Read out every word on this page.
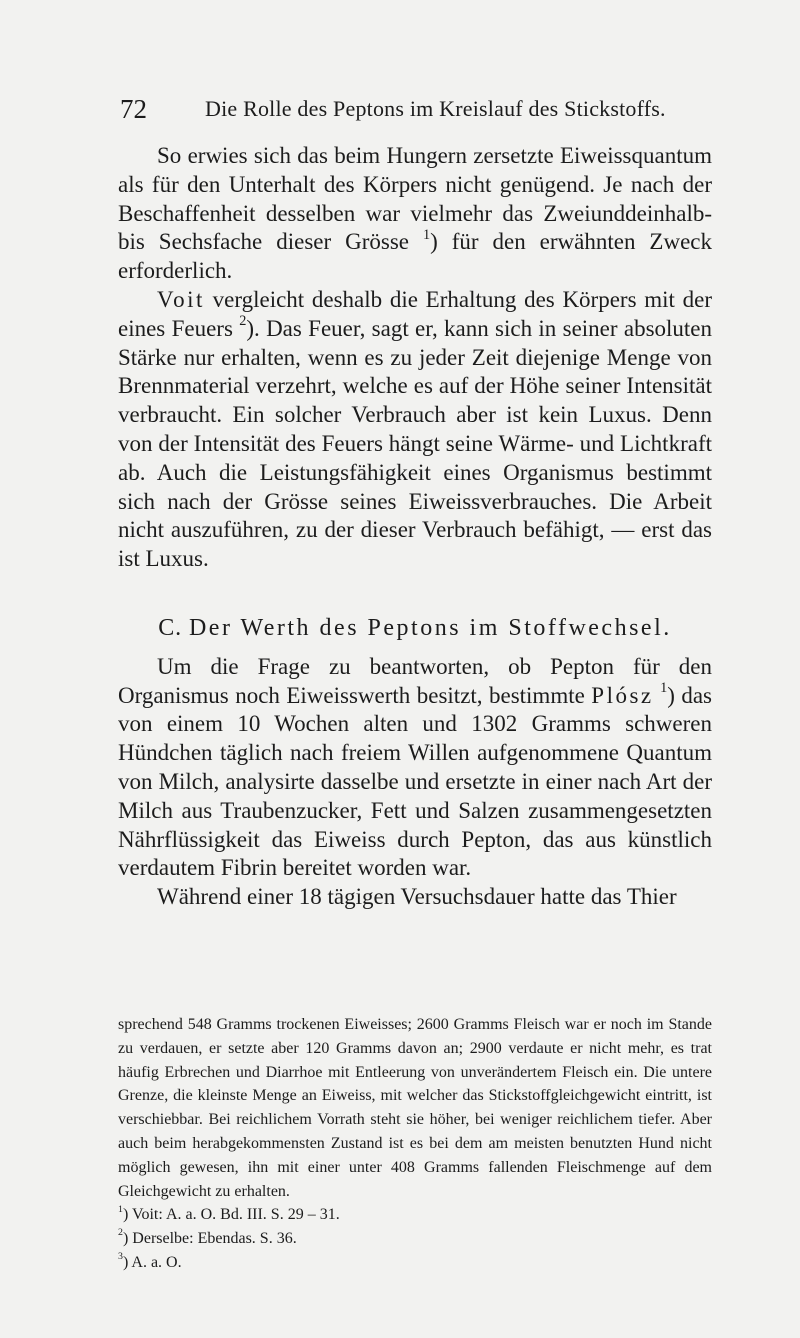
72	Die Rolle des Peptons im Kreislauf des Stickstoffs.

So erwies sich das beim Hungern zersetzte Eiweissquantum als für den Unterhalt des Körpers nicht genügend. Je nach der Beschaffenheit desselben war vielmehr das Zweiunddeinhalb- bis Sechsfache dieser Grösse $^1$) für den erwähnten Zweck erforderlich.

Voit vergleicht deshalb die Erhaltung des Körpers mit der eines Feuers $^2$). Das Feuer, sagt er, kann sich in seiner absoluten Stärke nur erhalten, wenn es zu jeder Zeit diejenige Menge von Brennmaterial verzehrt, welche es auf der Höhe seiner Intensität verbraucht. Ein solcher Verbrauch aber ist kein Luxus. Denn von der Intensität des Feuers hängt seine Wärme- und Lichtkraft ab. Auch die Leistungsfähigkeit eines Organismus bestimmt sich nach der Grösse seines Eiweissverbrauches. Die Arbeit nicht auszuführen, zu der dieser Verbrauch befähigt, — erst das ist Luxus.

C. Der Werth des Peptons im Stoffwechsel.

Um die Frage zu beantworten, ob Pepton für den Organismus noch Eiweisswerth besitzt, bestimmte Plósz $^1$) das von einem 10 Wochen alten und 1302 Gramms schweren Hündchen täglich nach freiem Willen aufgenommene Quantum von Milch, analysirte dasselbe und ersetzte in einer nach Art der Milch aus Traubenzucker, Fett und Salzen zusammengesetzten Nährflüssigkeit das Eiweiss durch Pepton, das aus künstlich verdautem Fibrin bereitet worden war.

Während einer 18 tägigen Versuchsdauer hatte das Thier

sprechend 548 Gramms trockenen Eiweisses; 2600 Gramms Fleisch war er noch im Stande zu verdauen, er setzte aber 120 Gramms davon an; 2900 verdaute er nicht mehr, es trat häufig Erbrechen und Diarrhoe mit Entleerung von unverändertem Fleisch ein. Die untere Grenze, die kleinste Menge an Eiweiss, mit welcher das Stickstoffgleichgewicht eintritt, ist verschiebbar. Bei reichlichem Vorrath steht sie höher, bei weniger reichlichem tiefer. Aber auch beim herabgekommensten Zustand ist es bei dem am meisten benutzten Hund nicht möglich gewesen, ihn mit einer unter 408 Gramms fallenden Fleischmenge auf dem Gleichgewicht zu erhalten.

$^1$) Voit: A. a. O. Bd. III. S. 29 – 31.

$^2$) Derselbe: Ebendas. S. 36.

$^3$) A. a. O.
